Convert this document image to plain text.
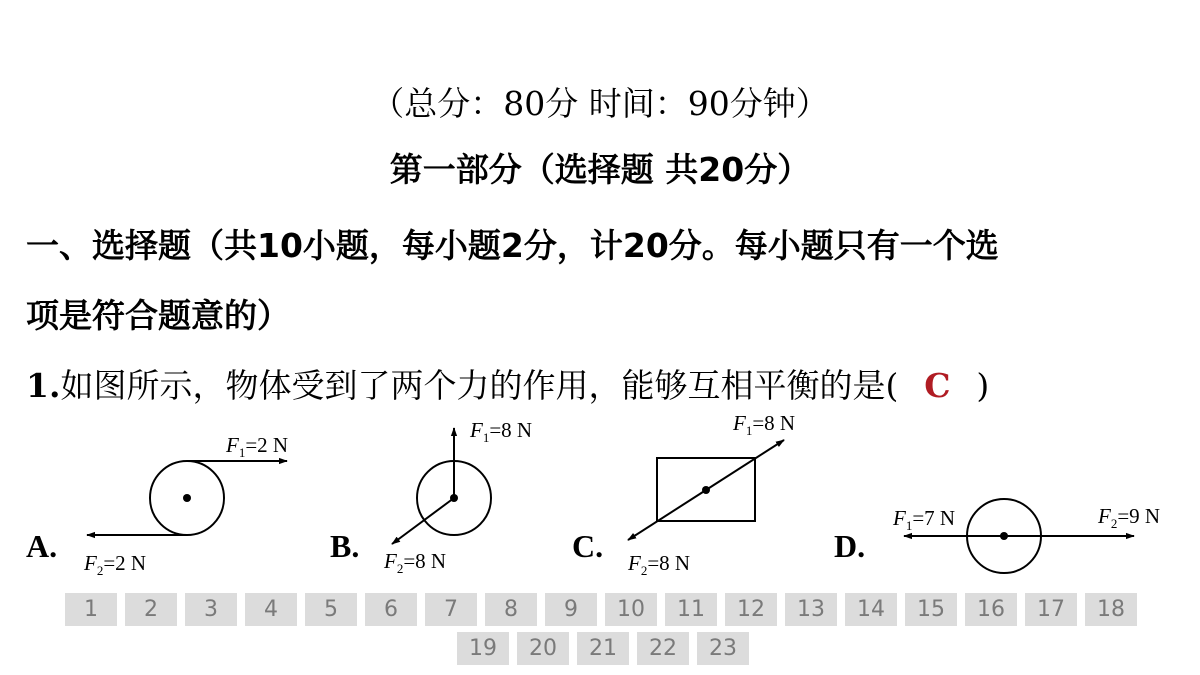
（总分：80分 时间：90分钟）
第一部分（选择题 共20分）
一、选择题（共10小题，每小题2分，计20分。每小题只有一个选
项是符合题意的）
1.如图所示，物体受到了两个力的作用，能够互相平衡的是( C )
$F_1=2$ N
$F_2=2$ N
A.
$F_1=8$ N
$F_2=8$ N
B.
$F_1=8$ N
$F_2=8$ N
C.
$F_1=7$ N	$F_2=9$ N
D.
1	2	3	4	5	6	7	8	9	10	11	12	13	14	15	16	17	18
19	20	21	22	23
